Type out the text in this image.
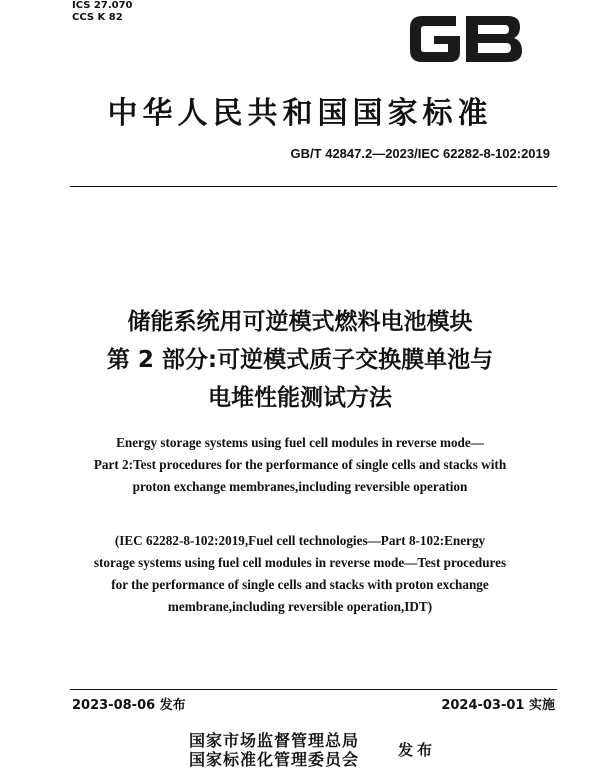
ICS 27.070
CCS K 82
中华人民共和国国家标准
GB/T 42847.2—2023/IEC 62282-8-102:2019
储能系统用可逆模式燃料电池模块
第 2 部分:可逆模式质子交换膜单池与
电堆性能测试方法
Energy storage systems using fuel cell modules in reverse mode—
Part 2:Test procedures for the performance of single cells and stacks with
proton exchange membranes,including reversible operation
(IEC 62282-8-102:2019,Fuel cell technologies—Part 8-102:Energy
storage systems using fuel cell modules in reverse mode—Test procedures
for the performance of single cells and stacks with proton exchange
membrane,including reversible operation,IDT)
2023-08-06 发布	2024-03-01 实施
国家市场监督管理总局
国家标准化管理委员会	发布
